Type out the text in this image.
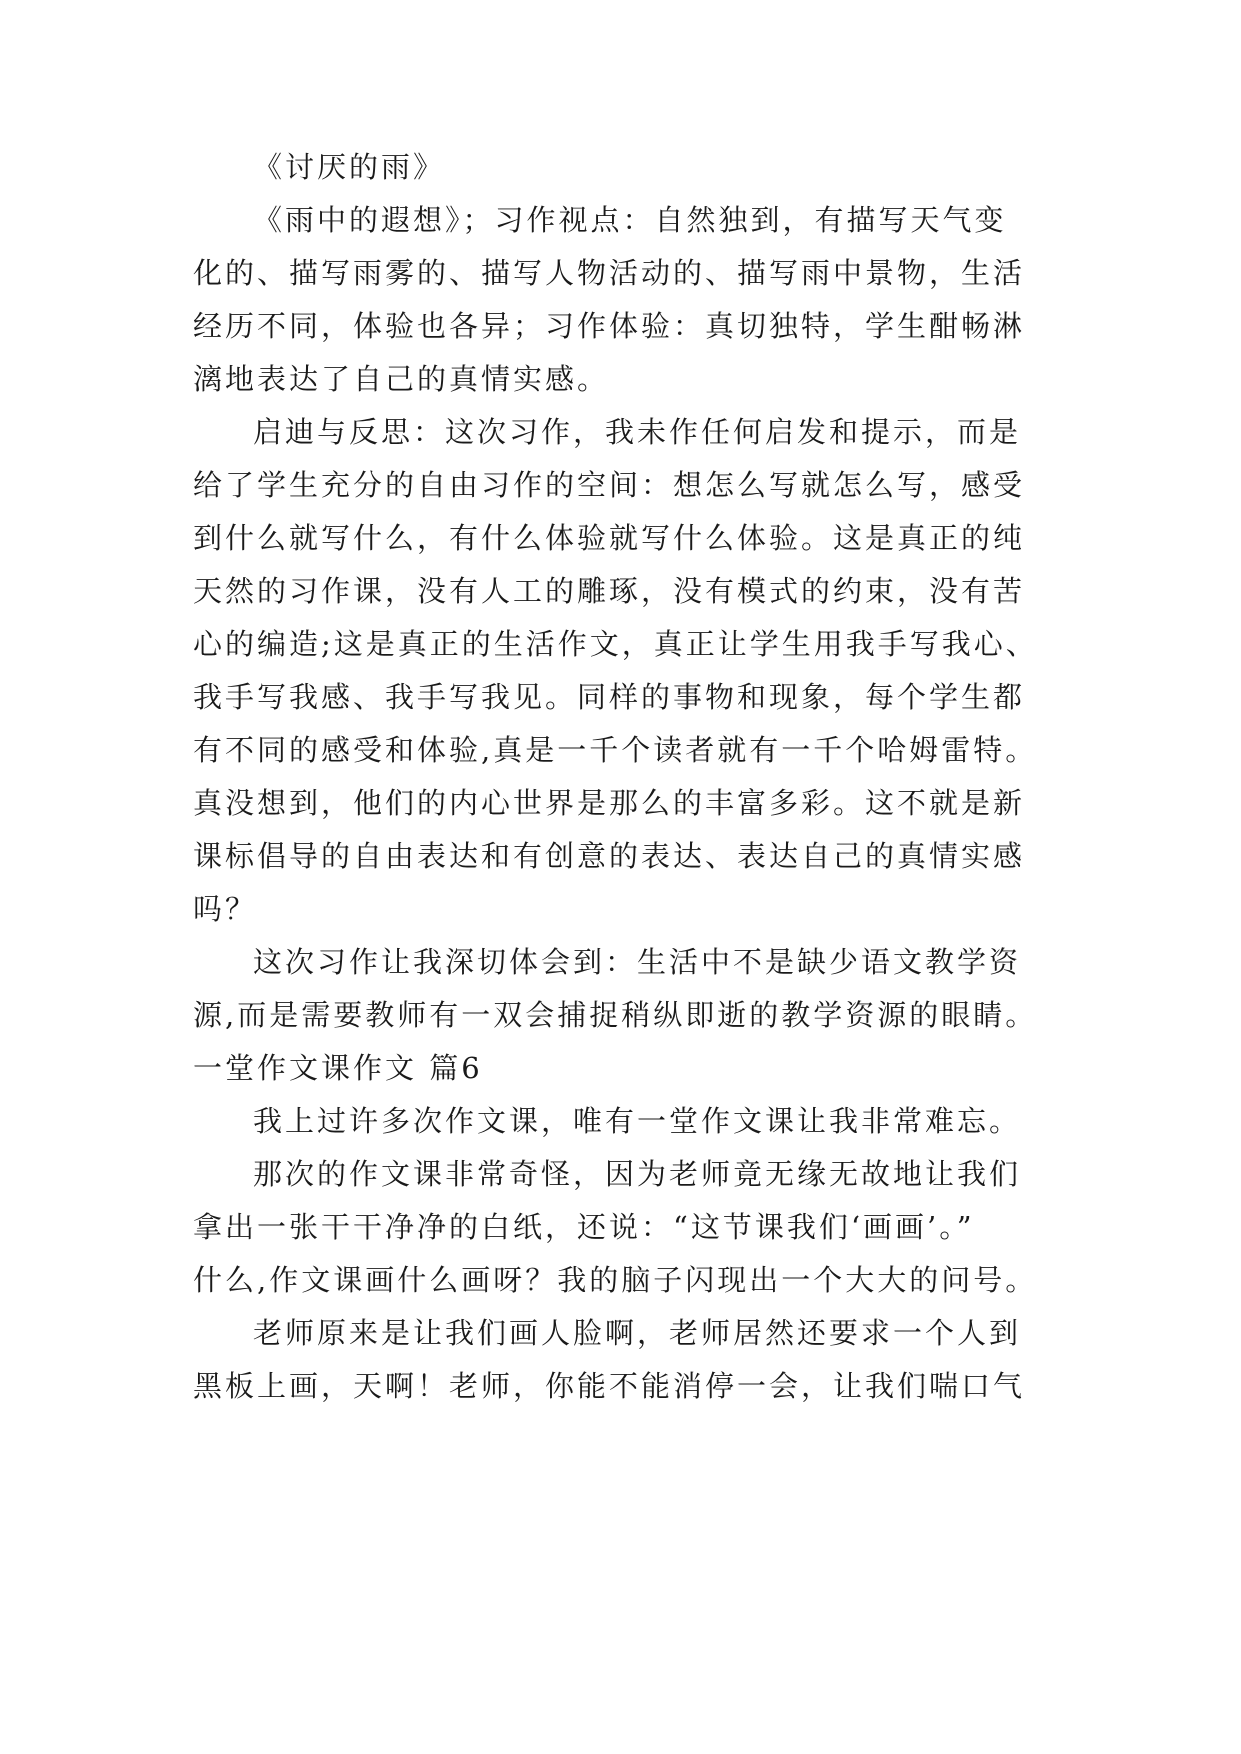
《讨厌的雨》
《雨中的遐想》；习作视点：自然独到，有描写天气变
化的、描写雨雾的、描写人物活动的、描写雨中景物，生活
经历不同，体验也各异；习作体验：真切独特，学生酣畅淋
漓地表达了自己的真情实感。
启迪与反思：这次习作，我未作任何启发和提示，而是
给了学生充分的自由习作的空间：想怎么写就怎么写，感受
到什么就写什么，有什么体验就写什么体验。这是真正的纯
天然的习作课，没有人工的雕琢，没有模式的约束，没有苦
心的编造;这是真正的生活作文，真正让学生用我手写我心、
我手写我感、我手写我见。同样的事物和现象，每个学生都
有不同的感受和体验,真是一千个读者就有一千个哈姆雷特。
真没想到，他们的内心世界是那么的丰富多彩。这不就是新
课标倡导的自由表达和有创意的表达、表达自己的真情实感
吗？
这次习作让我深切体会到：生活中不是缺少语文教学资
源,而是需要教师有一双会捕捉稍纵即逝的教学资源的眼睛。
一堂作文课作文 篇6
我上过许多次作文课，唯有一堂作文课让我非常难忘。
那次的作文课非常奇怪，因为老师竟无缘无故地让我们
拿出一张干干净净的白纸，还说：“这节课我们‘画画’。”
什么,作文课画什么画呀？我的脑子闪现出一个大大的问号。
老师原来是让我们画人脸啊，老师居然还要求一个人到
黑板上画，天啊！老师，你能不能消停一会，让我们喘口气
